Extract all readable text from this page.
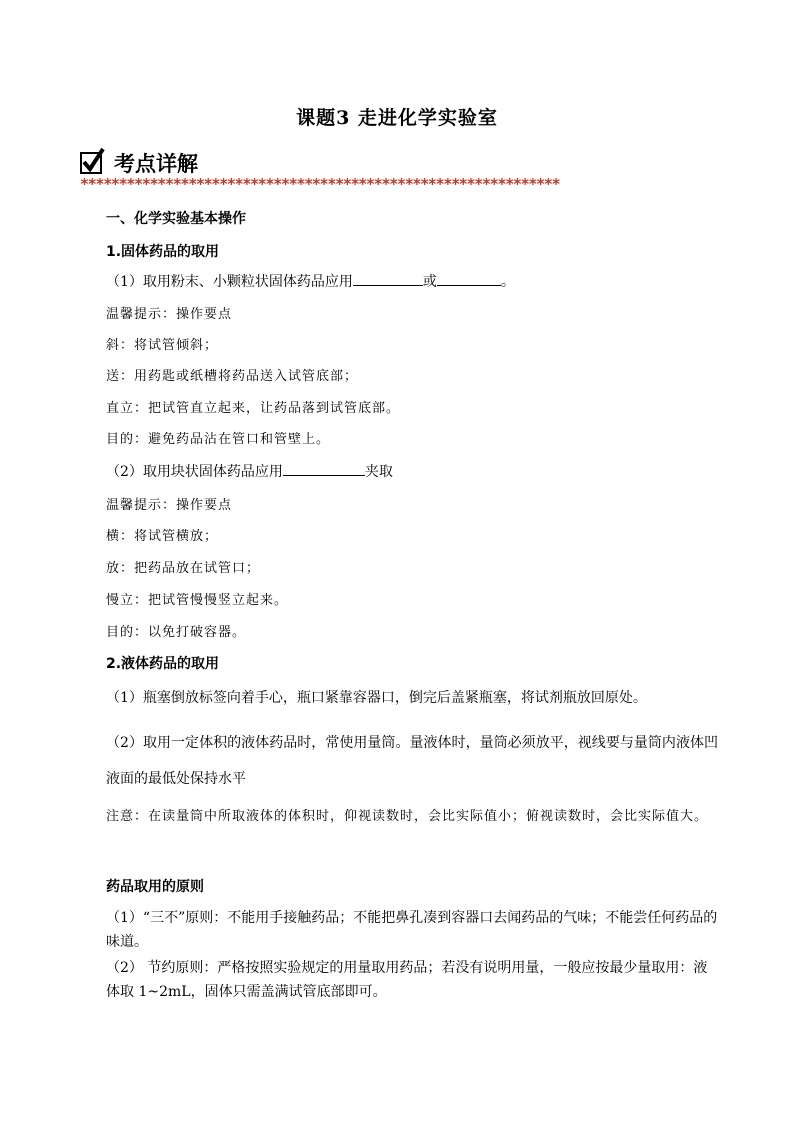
课题3 走进化学实验室
考点详解
**************************************************************
一、化学实验基本操作
1.固体药品的取用
（1）取用粉末、小颗粒状固体药品应用	或	。
温馨提示：操作要点
斜：将试管倾斜；
送：用药匙或纸槽将药品送入试管底部；
直立：把试管直立起来，让药品落到试管底部。
目的：避免药品沾在管口和管壁上。
（2）取用块状固体药品应用	夹取
温馨提示：操作要点
横：将试管横放；
放：把药品放在试管口；
慢立：把试管慢慢竖立起来。
目的：以免打破容器。
2.液体药品的取用
（1）瓶塞倒放标签向着手心，瓶口紧靠容器口，倒完后盖紧瓶塞，将试剂瓶放回原处。
（2）取用一定体积的液体药品时，常使用量筒。量液体时，量筒必须放平，视线要与量筒内液体凹液面的最低处保持水平
注意：在读量筒中所取液体的体积时，仰视读数时，会比实际值小；俯视读数时，会比实际值大。
药品取用的原则
（1）“三不”原则：不能用手接触药品；不能把鼻孔凑到容器口去闻药品的气味；不能尝任何药品的味道。
（2） 节约原则：严格按照实验规定的用量取用药品；若没有说明用量，一般应按最少量取用：液体取 1~2mL，固体只需盖满试管底部即可。
